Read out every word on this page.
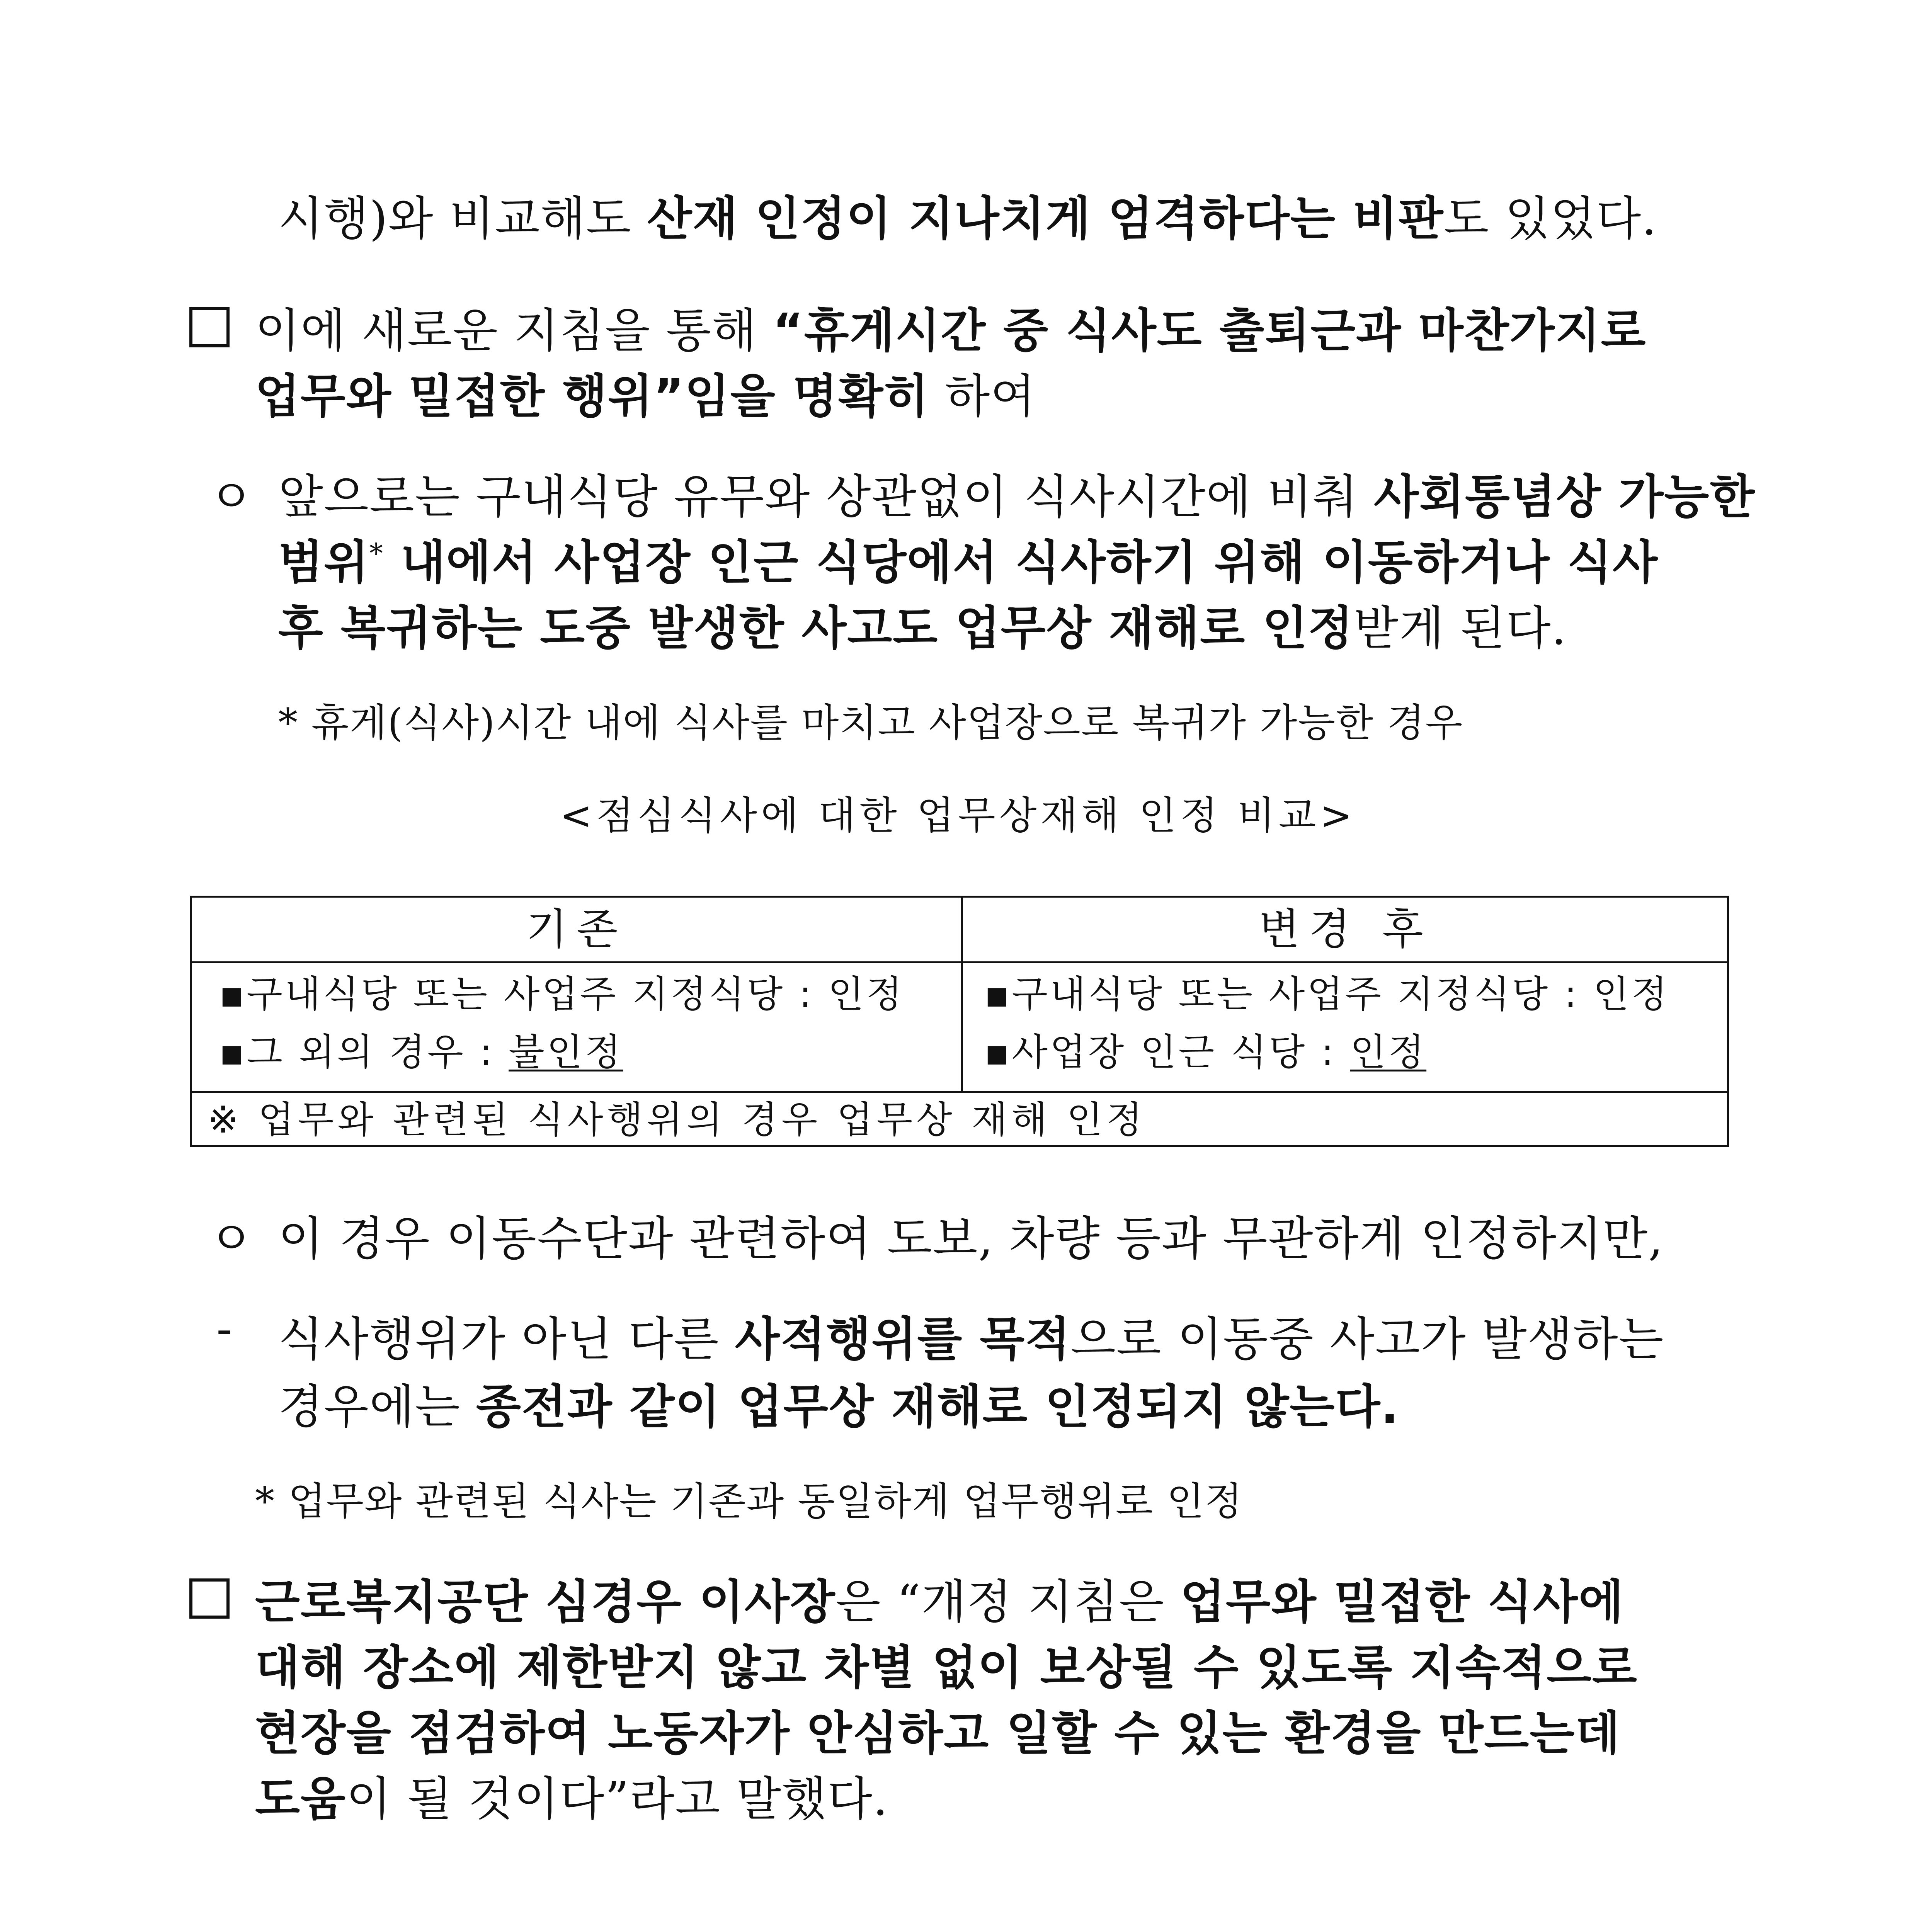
시행)와 비교해도 산재 인정이 지나치게 엄격하다는 비판도 있었다.
이에 새로운 지침을 통해 “휴게시간 중 식사도 출퇴근과 마찬가지로
업무와 밀접한 행위”임을 명확히 하여
ㅇ 앞으로는 구내식당 유무와 상관없이 식사시간에 비춰 사회통념상 가능한
범위* 내에서 사업장 인근 식당에서 식사하기 위해 이동하거나 식사
후 복귀하는 도중 발생한 사고도 업무상 재해로 인정받게 된다.
* 휴게(식사)시간 내에 식사를 마치고 사업장으로 복귀가 가능한 경우
<점심식사에 대한 업무상재해 인정 비교>
기존	변경 후
▪구내식당 또는 사업주 지정식당 : 인정
▪그 외의 경우 : 불인정
▪구내식당 또는 사업주 지정식당 : 인정
▪사업장 인근 식당 : 인정
※ 업무와 관련된 식사행위의 경우 업무상 재해 인정
ㅇ 이 경우 이동수단과 관련하여 도보, 차량 등과 무관하게 인정하지만,
- 식사행위가 아닌 다른 사적행위를 목적으로 이동중 사고가 발생하는
경우에는 종전과 같이 업무상 재해로 인정되지 않는다.
* 업무와 관련된 식사는 기존과 동일하게 업무행위로 인정
근로복지공단 심경우 이사장은 “개정 지침은 업무와 밀접한 식사에
대해 장소에 제한받지 않고 차별 없이 보상될 수 있도록 지속적으로
현장을 점검하여 노동자가 안심하고 일할 수 있는 환경을 만드는데
도움이 될 것이다”라고 말했다.
